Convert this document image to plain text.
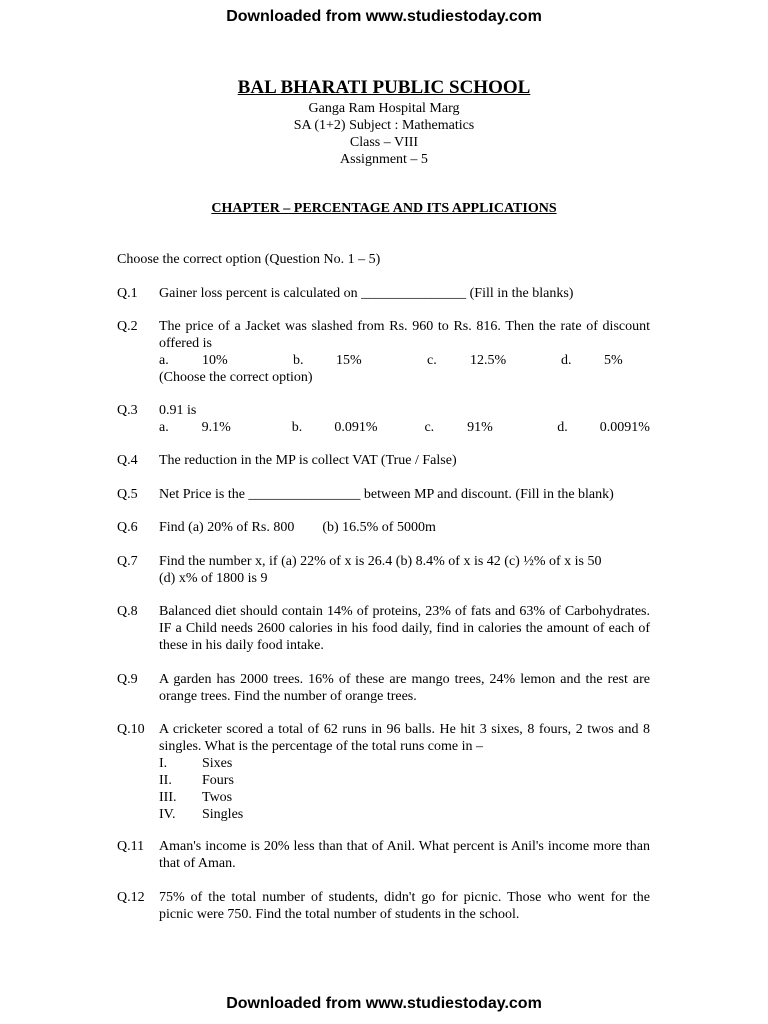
Downloaded from www.studiestoday.com
BAL BHARATI PUBLIC SCHOOL
Ganga Ram Hospital Marg
SA (1+2) Subject : Mathematics
Class – VIII
Assignment – 5
CHAPTER – PERCENTAGE AND ITS APPLICATIONS
Choose the correct option (Question No. 1 – 5)
Q.1 Gainer loss percent is calculated on _______________ (Fill in the blanks)
Q.2 The price of a Jacket was slashed from Rs. 960 to Rs. 816. Then the rate of discount offered is
a.	10%	b.	15%	c.	12.5%	d.	5%
(Choose the correct option)
Q.3 0.91 is
a.	9.1%	b.	0.091%	c.	91%	d.	0.0091%
Q.4 The reduction in the MP is collect VAT (True / False)
Q.5 Net Price is the ________________ between MP and discount. (Fill in the blank)
Q.6 Find (a) 20% of Rs. 800        (b) 16.5% of 5000m
Q.7 Find the number x, if (a) 22% of x is 26.4 (b) 8.4% of x is 42 (c) ½% of x is 50
(d) x% of 1800 is 9
Q.8 Balanced diet should contain 14% of proteins, 23% of fats and 63% of Carbohydrates. IF a Child needs 2600 calories in his food daily, find in calories the amount of each of these in his daily food intake.
Q.9 A garden has 2000 trees. 16% of these are mango trees, 24% lemon and the rest are orange trees. Find the number of orange trees.
Q.10 A cricketer scored a total of 62 runs in 96 balls. He hit 3 sixes, 8 fours, 2 twos and 8 singles. What is the percentage of the total runs come in –
I.	Sixes
II.	Fours
III.	Twos
IV.	Singles
Q.11 Aman's income is 20% less than that of Anil. What percent is Anil's income more than that of Aman.
Q.12 75% of the total number of students, didn't go for picnic. Those who went for the picnic were 750. Find the total number of students in the school.
Downloaded from www.studiestoday.com
